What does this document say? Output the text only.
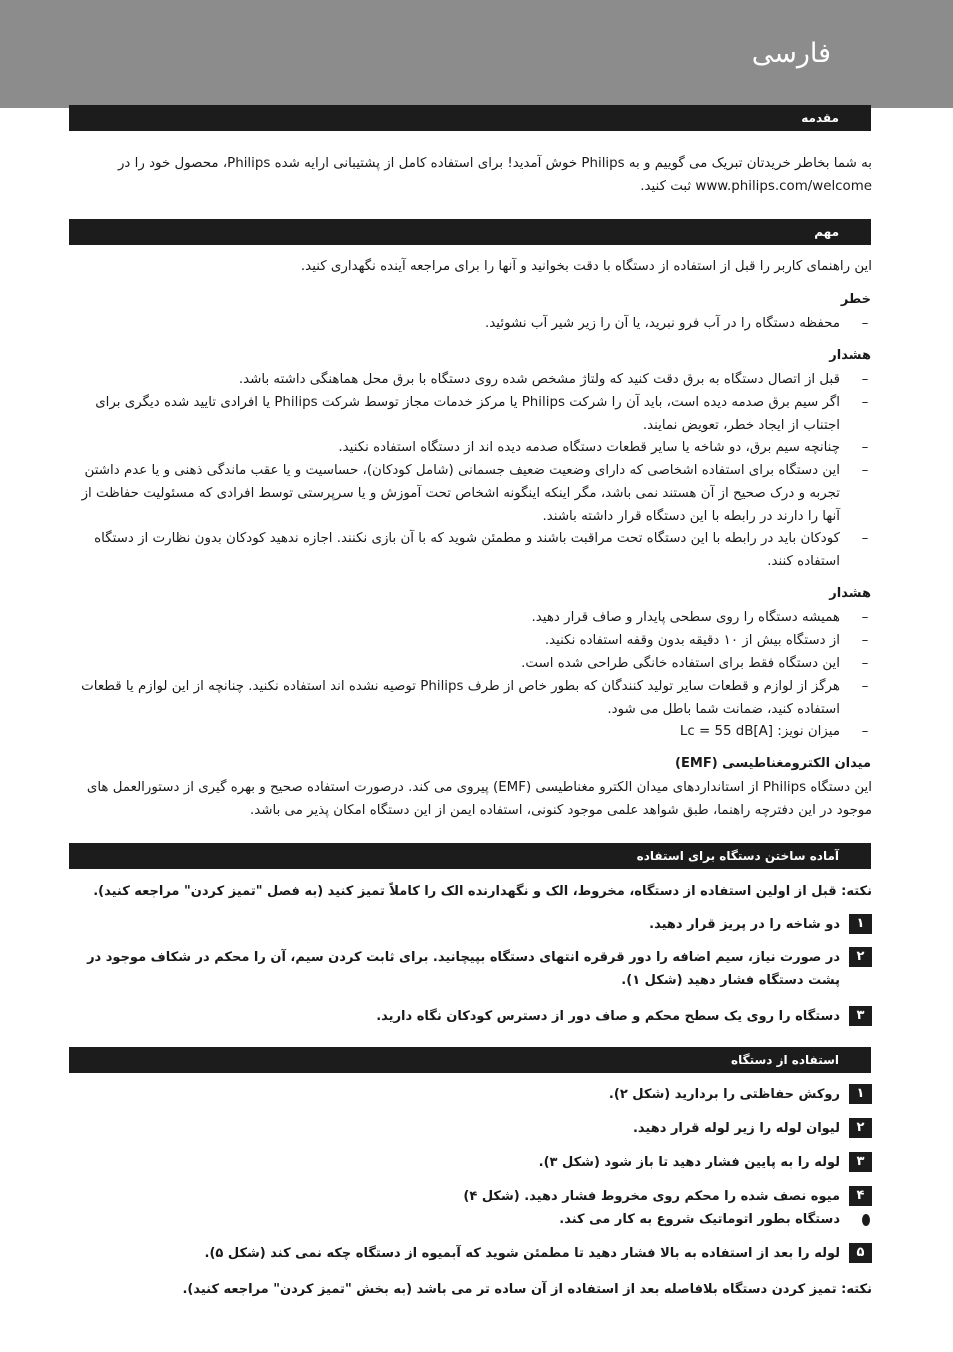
فارسی
مقدمه

به شما بخاطر خریدتان تبریک می گوییم و به Philips خوش آمدید! برای استفاده کامل از پشتیبانی ارایه شده Philips، محصول خود را در www.philips.com/welcome ثبت کنید.

مهم

این راهنمای کاربر را قبل از استفاده از دستگاه با دقت بخوانید و آنها را برای مراجعه آینده نگهداری کنید.

خطر
–
محفظه دستگاه را در آب فرو نبرید، یا آن را زیر شیر آب نشوئید.
هشدار
–
قبل از اتصال دستگاه به برق دقت کنید که ولتاژ مشخص شده روی دستگاه با برق محل هماهنگی داشته باشد.
–
اگر سیم برق صدمه دیده است، باید آن را شرکت Philips یا مرکز خدمات مجاز توسط شرکت Philips یا افرادی تایید شده دیگری برای اجتناب از ایجاد خطر، تعویض نمایند.
–
چنانچه سیم برق، دو شاخه یا سایر قطعات دستگاه صدمه دیده اند از دستگاه استفاده نکنید.
–
این دستگاه برای استفاده اشخاصی که دارای وضعیت ضعیف جسمانی (شامل کودکان)، حساسیت و یا عقب ماندگی ذهنی و یا عدم داشتن تجربه و درک صحیح از آن هستند نمی باشد، مگر اینکه اینگونه اشخاص تحت آموزش و یا سرپرستی توسط افرادی که مسئولیت حفاظت از آنها را دارند در رابطه با این دستگاه قرار داشته باشند.
–
کودکان باید در رابطه با این دستگاه تحت مراقبت باشند و مطمئن شوید که با آن بازی نکنند. اجازه ندهید کودکان بدون نظارت از دستگاه استفاده کنند.
هشدار
–
همیشه دستگاه را روی سطحی پایدار و صاف قرار دهید.
–
از دستگاه بیش از ۱۰ دقیقه بدون وقفه استفاده نکنید.
–
این دستگاه فقط برای استفاده خانگی طراحی شده است.
–
هرگز از لوازم و قطعات سایر تولید کنندگان که بطور خاص از طرف Philips توصیه نشده اند استفاده نکنید. چنانچه از این لوازم یا قطعات استفاده کنید، ضمانت شما باطل می شود.
–
میزان نویز: Lc = 55 dB[A]
میدان الکترومغناطیسی (EMF)

این دستگاه Philips از استانداردهای میدان الکترو مغناطیسی (EMF) پیروی می کند. درصورت استفاده صحیح و بهره گیری از دستورالعمل های موجود در این دفترچه راهنما، طبق شواهد علمی موجود کنونی، استفاده ایمن از این دستگاه امکان پذیر می باشد.

آماده ساختن دستگاه برای استفاده

نکته: قبل از اولین استفاده از دستگاه، مخروط، الک و نگهدارنده الک را کاملاً تمیز کنید (به فصل "تمیز کردن" مراجعه کنید).

۱
دو شاخه را در پریز قرار دهید.
۲
در صورت نیاز، سیم اضافه را دور قرقره انتهای دستگاه بپیچانید. برای ثابت کردن سیم، آن را محکم در شکاف موجود در پشت دستگاه فشار دهید (شکل ۱).
۳
دستگاه را روی یک سطح محکم و صاف دور از دسترس کودکان نگاه دارید.
استفاده از دستگاه
۱
روکش حفاظتی را بردارید (شکل ۲).
۲
لیوان لوله را زیر لوله قرار دهید.
۳
لوله را به پایین فشار دهید تا باز شود (شکل ۳).
۴
میوه نصف شده را محکم روی مخروط فشار دهید. (شکل ۴)
دستگاه بطور اتوماتیک شروع به کار می کند.
۵
لوله را بعد از استفاده به بالا فشار دهید تا مطمئن شوید که آبمیوه از دستگاه چکه نمی کند (شکل ۵).

نکته: تمیز کردن دستگاه بلافاصله بعد از استفاده از آن ساده تر می باشد (به بخش "تمیز کردن" مراجعه کنید).
